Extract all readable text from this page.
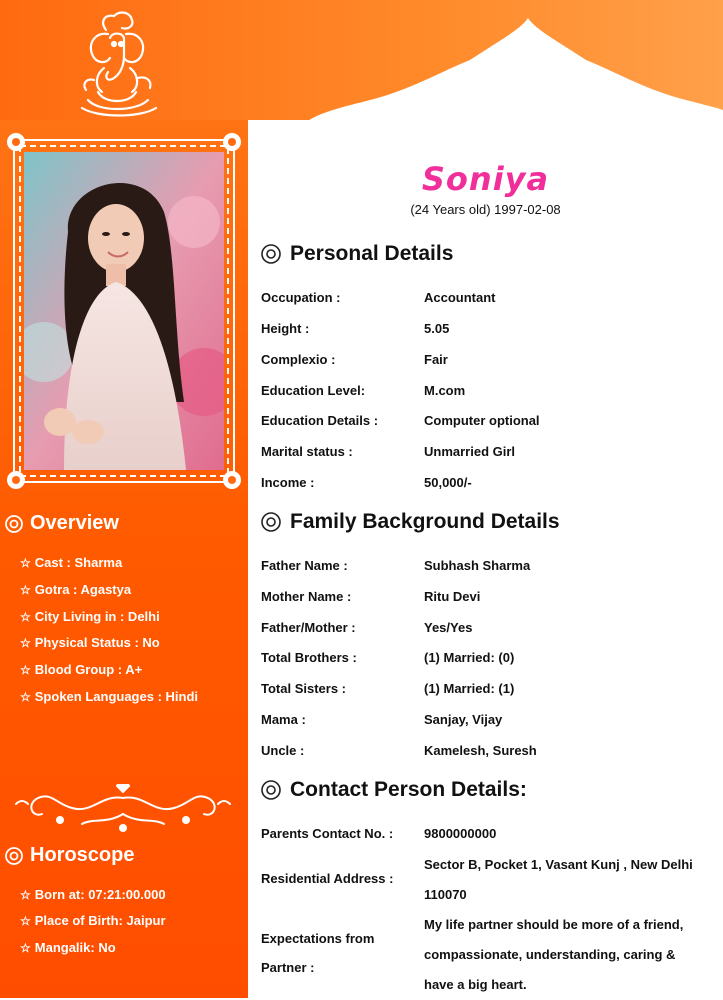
Overview
☆ Cast : Sharma
☆ Gotra : Agastya
☆ City Living in : Delhi
☆ Physical Status : No
☆ Blood Group : A+
☆ Spoken Languages : Hindi
Horoscope
☆ Born at: 07:21:00.000
☆ Place of Birth: Jaipur
☆ Mangalik: No
Soniya
(24 Years old) 1997-02-08
Personal Details
Occupation :	Accountant
Height :	5.05
Complexio :	Fair
Education Level:	M.com
Education Details :	Computer optional
Marital status :	Unmarried Girl
Income :	50,000/-
Family Background Details
Father Name :	Subhash Sharma
Mother Name :	Ritu Devi
Father/Mother :	Yes/Yes
Total Brothers :	(1) Married: (0)
Total Sisters :	(1) Married: (1)
Mama :	Sanjay, Vijay
Uncle :	Kamelesh, Suresh
Contact Person Details:
Parents Contact No. : 9800000000
Residential Address :
Sector B, Pocket 1, Vasant Kunj , New Delhi
110070
Expectations from
Partner :
My life partner should be more of a friend,
compassionate, understanding, caring &
have a big heart.
